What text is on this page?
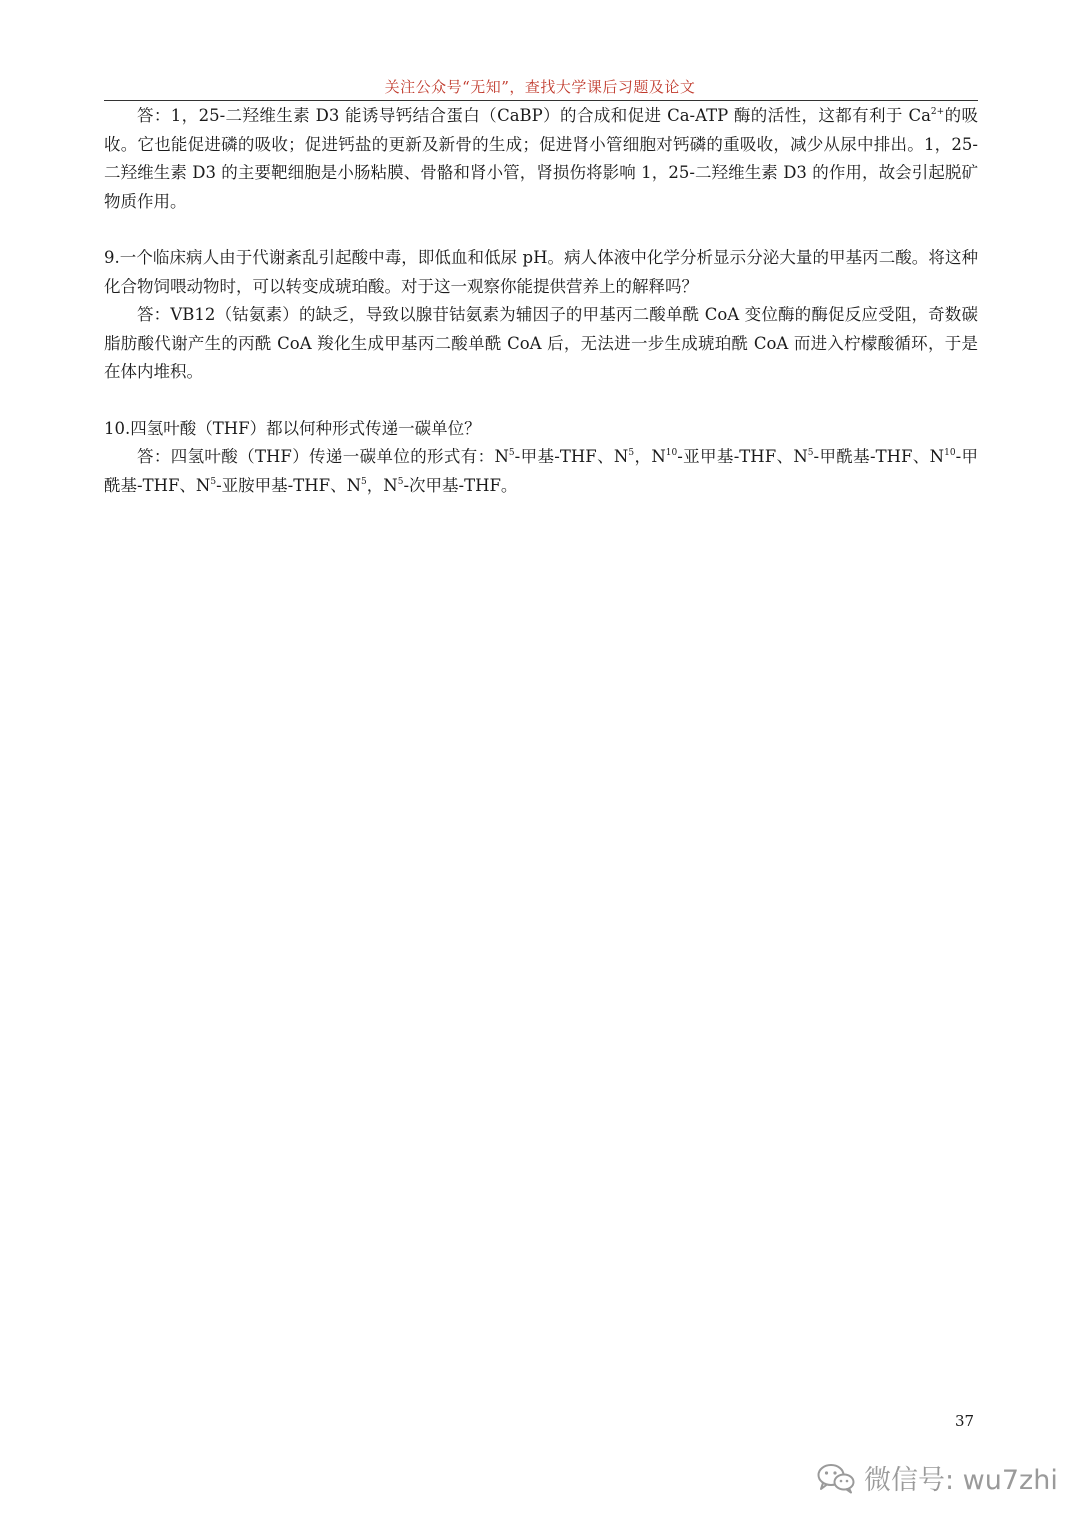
关注公众号“无知”，查找大学课后习题及论文

答：1，25-二羟维生素 D3 能诱导钙结合蛋白（CaBP）的合成和促进 Ca-ATP 酶的活性，这都有利于 $Ca^{2+}$的吸收。它也能促进磷的吸收；促进钙盐的更新及新骨的生成；促进肾小管细胞对钙磷的重吸收，减少从尿中排出。1，25-二羟维生素 D3 的主要靶细胞是小肠粘膜、骨骼和肾小管，肾损伤将影响 1，25-二羟维生素 D3 的作用，故会引起脱矿物质作用。

9.一个临床病人由于代谢紊乱引起酸中毒，即低血和低尿 pH。病人体液中化学分析显示分泌大量的甲基丙二酸。将这种化合物饲喂动物时，可以转变成琥珀酸。对于这一观察你能提供营养上的解释吗？

答：VB12（钴氨素）的缺乏，导致以腺苷钴氨素为辅因子的甲基丙二酸单酰 CoA 变位酶的酶促反应受阻，奇数碳脂肪酸代谢产生的丙酰 CoA 羧化生成甲基丙二酸单酰 CoA 后，无法进一步生成琥珀酰 CoA 而进入柠檬酸循环，于是在体内堆积。

10.四氢叶酸（THF）都以何种形式传递一碳单位？

答：四氢叶酸（THF）传递一碳单位的形式有：$N^5-$甲基-THF、$N^5$，$N^{10}-$亚甲基-THF、$N^5-$甲酰基-THF、$N^{10}-$甲酰基-THF、$N^5-$亚胺甲基-THF、$N^5$，$N^5-$次甲基-THF。

37
微信号: wu7zhi
